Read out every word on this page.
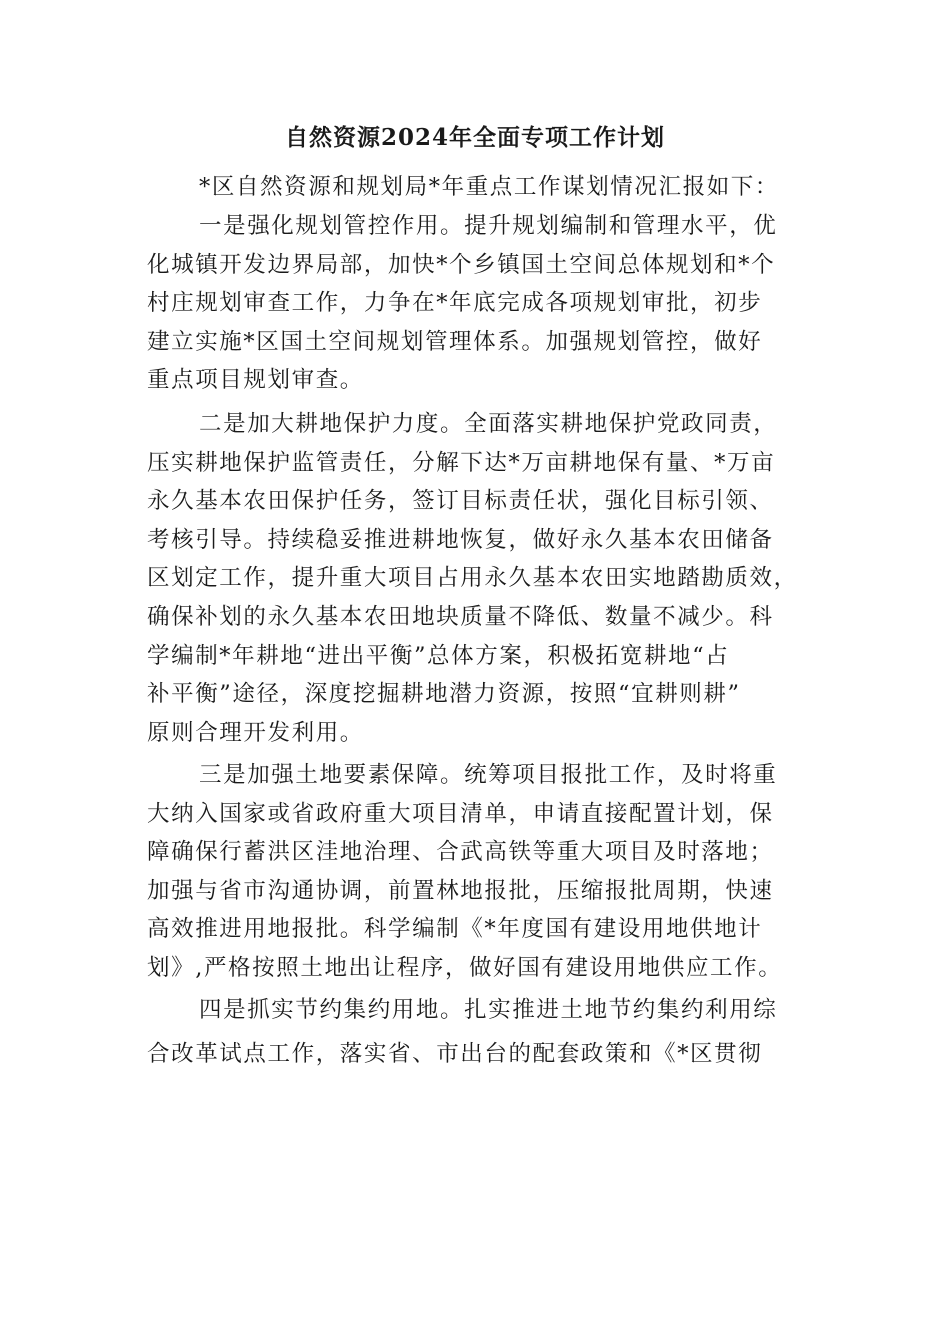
自然资源2024年全面专项工作计划
*区自然资源和规划局*年重点工作谋划情况汇报如下：
一是强化规划管控作用。提升规划编制和管理水平，优
化城镇开发边界局部，加快*个乡镇国土空间总体规划和*个
村庄规划审查工作，力争在*年底完成各项规划审批，初步
建立实施*区国土空间规划管理体系。加强规划管控，做好
重点项目规划审查。
二是加大耕地保护力度。全面落实耕地保护党政同责，
压实耕地保护监管责任，分解下达*万亩耕地保有量、*万亩
永久基本农田保护任务，签订目标责任状，强化目标引领、
考核引导。持续稳妥推进耕地恢复，做好永久基本农田储备
区划定工作，提升重大项目占用永久基本农田实地踏勘质效，
确保补划的永久基本农田地块质量不降低、数量不减少。科
学编制*年耕地“进出平衡”总体方案，积极拓宽耕地“占
补平衡”途径，深度挖掘耕地潜力资源，按照“宜耕则耕”
原则合理开发利用。
三是加强土地要素保障。统筹项目报批工作，及时将重
大纳入国家或省政府重大项目清单，申请直接配置计划，保
障确保行蓄洪区洼地治理、合武高铁等重大项目及时落地；
加强与省市沟通协调，前置林地报批，压缩报批周期，快速
高效推进用地报批。科学编制《*年度国有建设用地供地计
划》,严格按照土地出让程序，做好国有建设用地供应工作。
四是抓实节约集约用地。扎实推进土地节约集约利用综
合改革试点工作，落实省、市出台的配套政策和《*区贯彻
